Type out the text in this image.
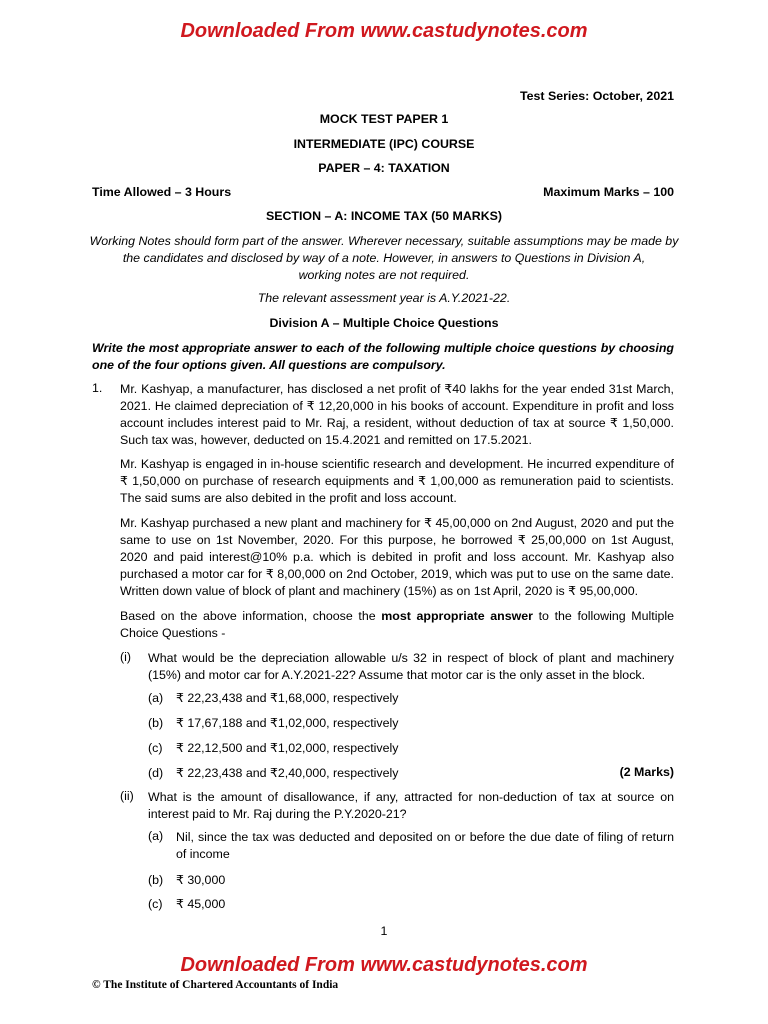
Downloaded From www.castudynotes.com
Test Series: October, 2021
MOCK TEST PAPER 1
INTERMEDIATE (IPC) COURSE
PAPER – 4: TAXATION
Time Allowed – 3 Hours	Maximum Marks – 100
SECTION – A: INCOME TAX (50 MARKS)
Working Notes should form part of the answer. Wherever necessary, suitable assumptions may be made by
the candidates and disclosed by way of a note. However, in answers to Questions in Division A,
working notes are not required.
The relevant assessment year is A.Y.2021-22.
Division A – Multiple Choice Questions
Write the most appropriate answer to each of the following multiple choice questions by choosing one of the four options given. All questions are compulsory.
1. Mr. Kashyap, a manufacturer, has disclosed a net profit of ₹40 lakhs for the year ended 31st March, 2021. He claimed depreciation of ₹ 12,20,000 in his books of account. Expenditure in profit and loss account includes interest paid to Mr. Raj, a resident, without deduction of tax at source ₹ 1,50,000. Such tax was, however, deducted on 15.4.2021 and remitted on 17.5.2021.
Mr. Kashyap is engaged in in-house scientific research and development. He incurred expenditure of ₹ 1,50,000 on purchase of research equipments and ₹ 1,00,000 as remuneration paid to scientists. The said sums are also debited in the profit and loss account.
Mr. Kashyap purchased a new plant and machinery for ₹ 45,00,000 on 2nd August, 2020 and put the same to use on 1st November, 2020. For this purpose, he borrowed ₹ 25,00,000 on 1st August, 2020 and paid interest@10% p.a. which is debited in profit and loss account. Mr. Kashyap also purchased a motor car for ₹ 8,00,000 on 2nd October, 2019, which was put to use on the same date. Written down value of block of plant and machinery (15%) as on 1st April, 2020 is ₹ 95,00,000.
Based on the above information, choose the most appropriate answer to the following Multiple Choice Questions -
(i) What would be the depreciation allowable u/s 32 in respect of block of plant and machinery (15%) and motor car for A.Y.2021-22? Assume that motor car is the only asset in the block.
(a) ₹ 22,23,438 and ₹1,68,000, respectively
(b) ₹ 17,67,188 and ₹1,02,000, respectively
(c) ₹ 22,12,500 and ₹1,02,000, respectively
(d) ₹ 22,23,438 and ₹2,40,000, respectively	(2 Marks)
(ii) What is the amount of disallowance, if any, attracted for non-deduction of tax at source on interest paid to Mr. Raj during the P.Y.2020-21?
(a)	Nil, since the tax was deducted and deposited on or before the due date of filing of return of income
(b) ₹ 30,000
(c) ₹ 45,000
1
Downloaded From www.castudynotes.com
© The Institute of Chartered Accountants of India
